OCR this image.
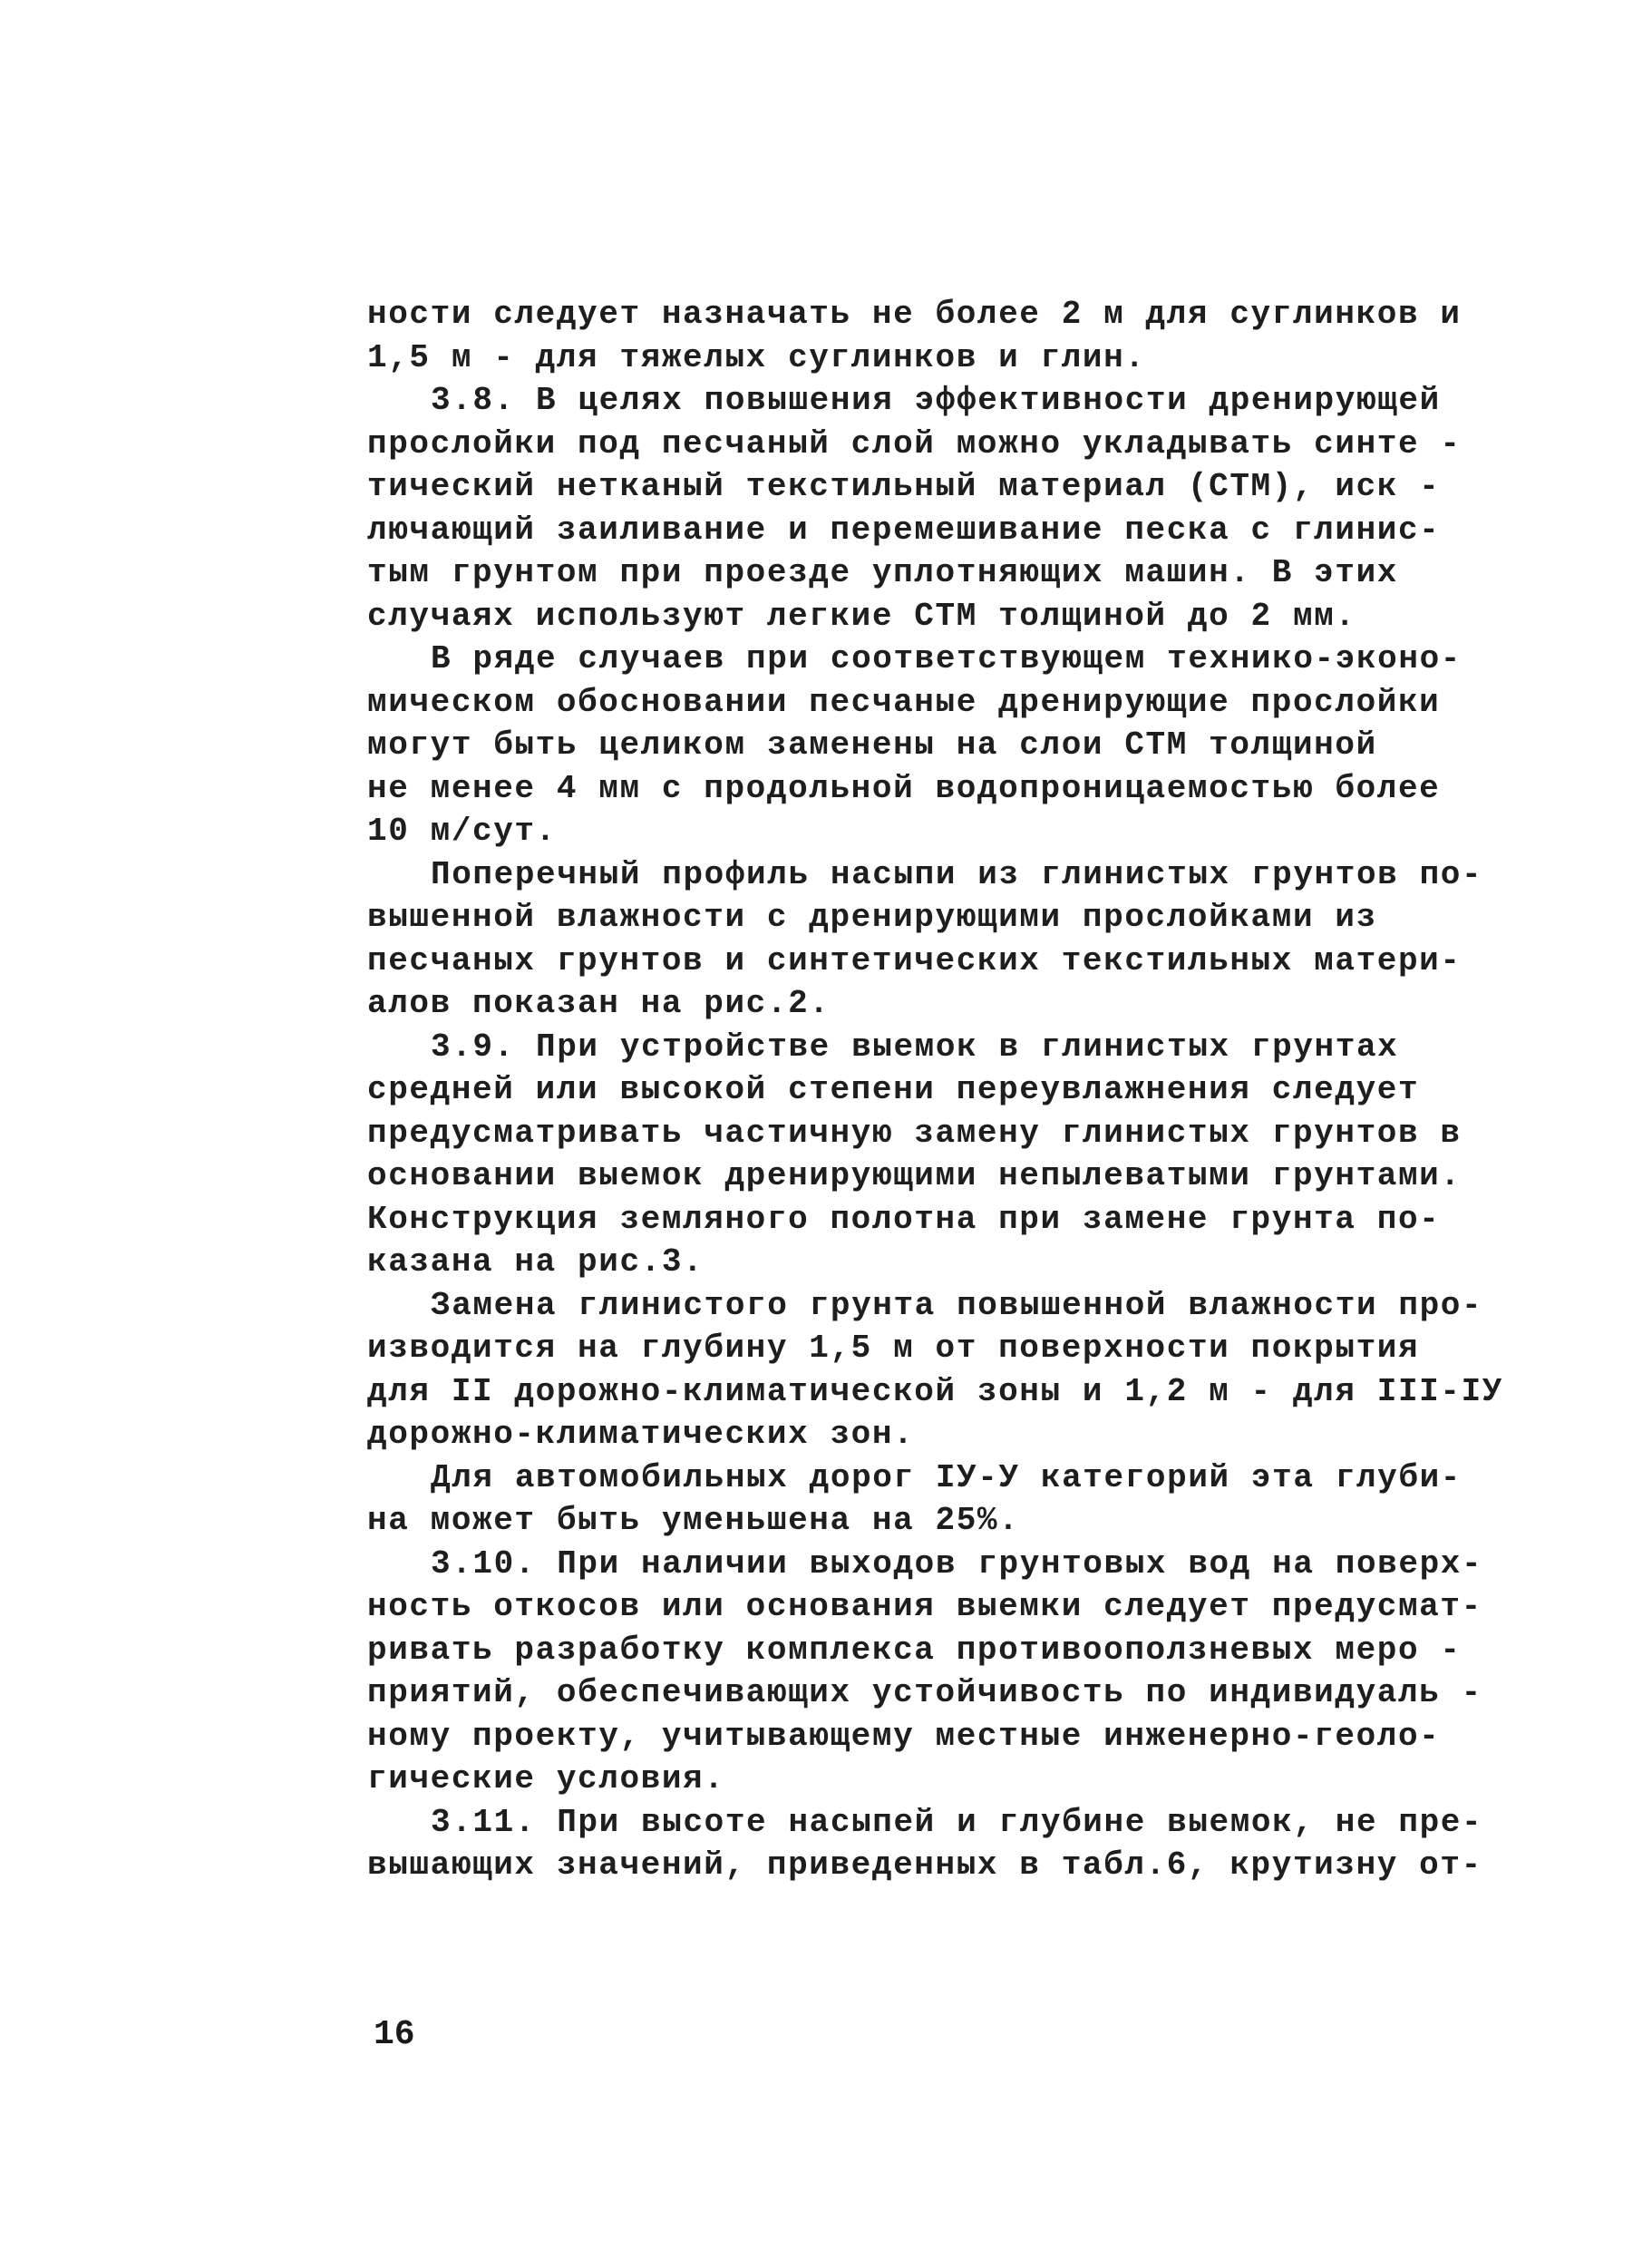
ности следует назначать не более 2 м для суглинков и
1,5 м - для тяжелых суглинков и глин.
3.8. В целях повышения эффективности дренирующей
прослойки под песчаный слой можно укладывать синте -
тический нетканый текстильный материал (СТМ), иск -
лючающий заиливание и перемешивание песка с глинис-
тым грунтом при проезде уплотняющих машин. В этих
случаях используют легкие СТМ толщиной до 2 мм.
В ряде случаев при соответствующем технико-эконо-
мическом обосновании песчаные дренирующие прослойки
могут быть целиком заменены на слои СТМ толщиной
не менее 4 мм с продольной водопроницаемостью более
10 м/сут.
Поперечный профиль насыпи из глинистых грунтов по-
вышенной влажности с дренирующими прослойками из
песчаных грунтов и синтетических текстильных матери-
алов показан на рис.2.
3.9. При устройстве выемок в глинистых грунтах
средней или высокой степени переувлажнения следует
предусматривать частичную замену глинистых грунтов в
основании выемок дренирующими непылеватыми грунтами.
Конструкция земляного полотна при замене грунта по-
казана на рис.3.
Замена глинистого грунта повышенной влажности про-
изводится на глубину 1,5 м от поверхности покрытия
для II дорожно-климатической зоны и 1,2 м - для III-IУ
дорожно-климатических зон.
Для автомобильных дорог IУ-У категорий эта глуби-
на может быть уменьшена на 25%.
3.10. При наличии выходов грунтовых вод на поверх-
ность откосов или основания выемки следует предусмат-
ривать разработку комплекса противооползневых меро -
приятий, обеспечивающих устойчивость по индивидуаль -
ному проекту, учитывающему местные инженерно-геоло-
гические условия.
3.11. При высоте насыпей и глубине выемок, не пре-
вышающих значений, приведенных в табл.6, крутизну от-
16
